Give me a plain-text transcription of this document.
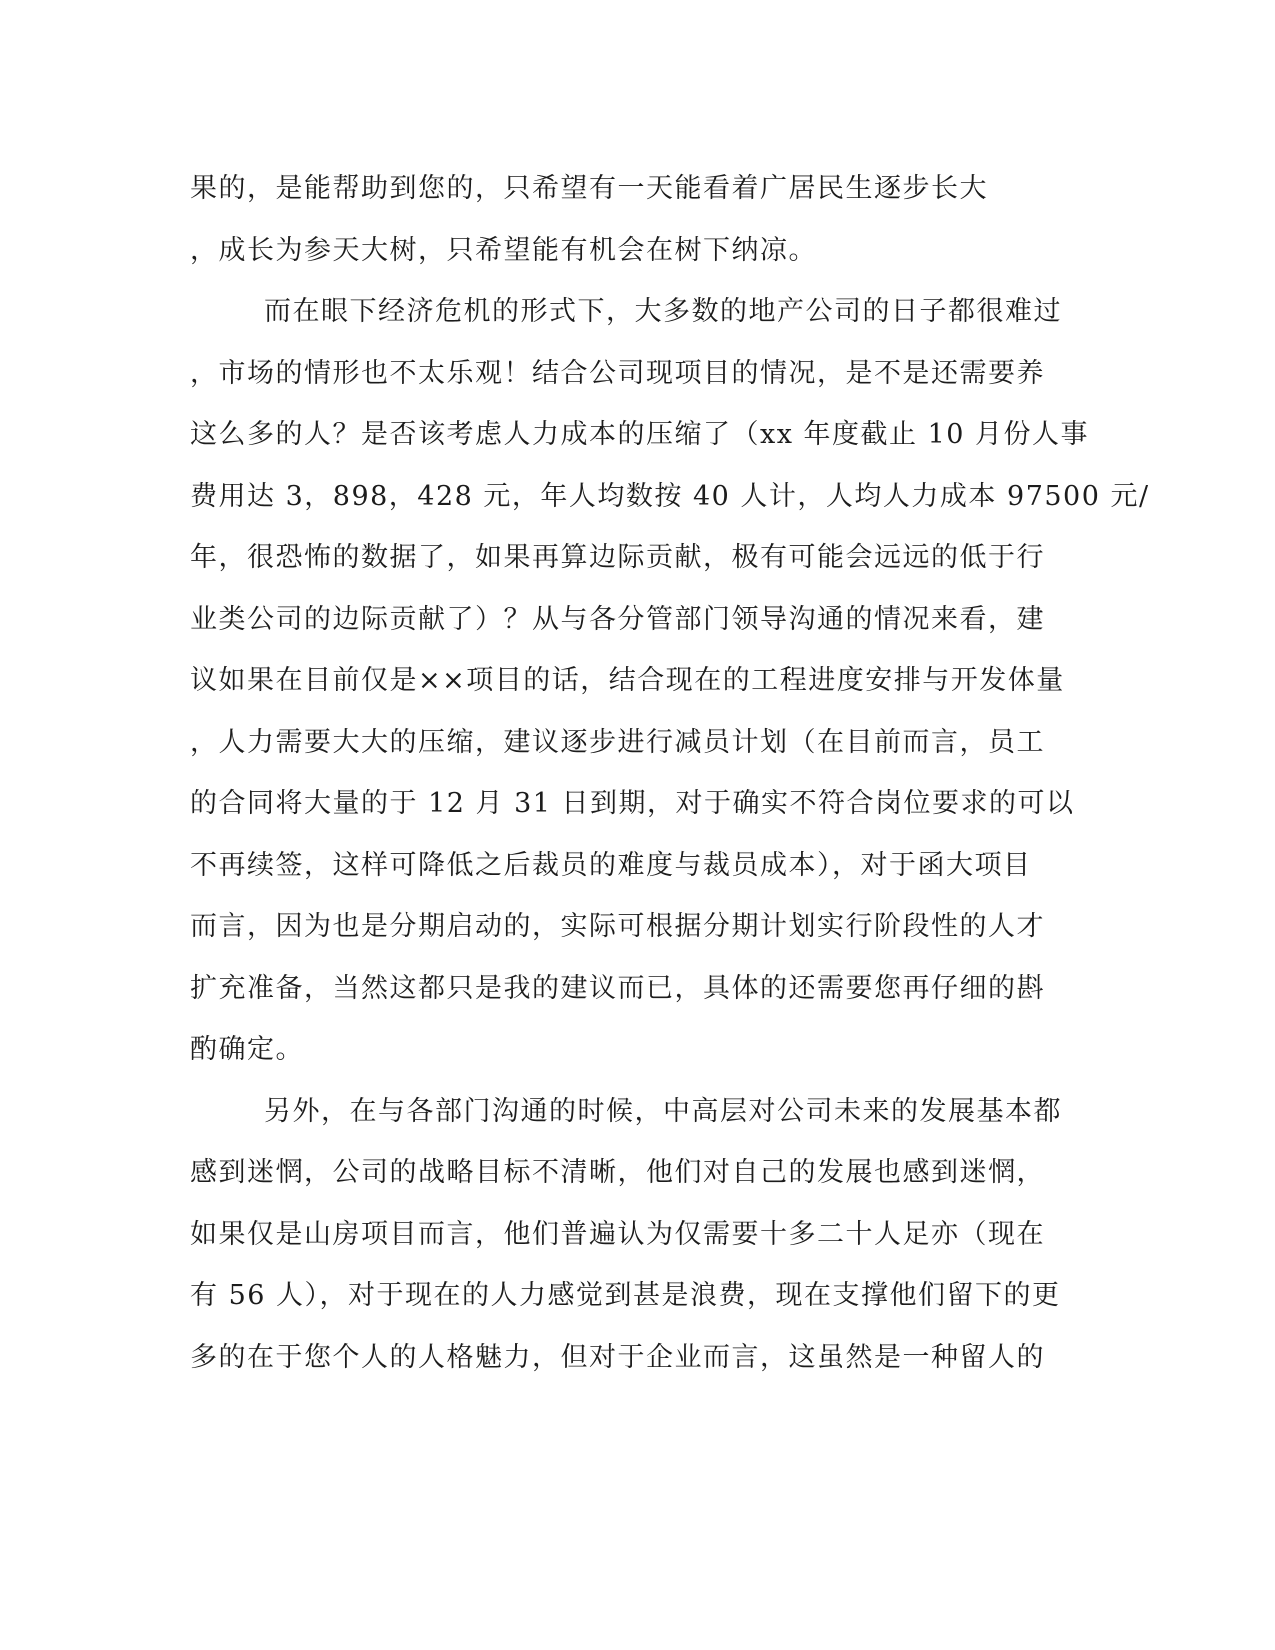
果的，是能帮助到您的，只希望有一天能看着广居民生逐步长大
，成长为参天大树，只希望能有机会在树下纳凉。
而在眼下经济危机的形式下，大多数的地产公司的日子都很难过
，市场的情形也不太乐观！结合公司现项目的情况，是不是还需要养
这么多的人？是否该考虑人力成本的压缩了（xx 年度截止 10 月份人事
费用达 3，898，428 元，年人均数按 40 人计，人均人力成本 97500 元/
年，很恐怖的数据了，如果再算边际贡献，极有可能会远远的低于行
业类公司的边际贡献了）？从与各分管部门领导沟通的情况来看，建
议如果在目前仅是××项目的话，结合现在的工程进度安排与开发体量
，人力需要大大的压缩，建议逐步进行减员计划（在目前而言，员工
的合同将大量的于 12 月 31 日到期，对于确实不符合岗位要求的可以
不再续签，这样可降低之后裁员的难度与裁员成本），对于函大项目
而言，因为也是分期启动的，实际可根据分期计划实行阶段性的人才
扩充准备，当然这都只是我的建议而已，具体的还需要您再仔细的斟
酌确定。
另外，在与各部门沟通的时候，中高层对公司未来的发展基本都
感到迷惘，公司的战略目标不清晰，他们对自己的发展也感到迷惘，
如果仅是山房项目而言，他们普遍认为仅需要十多二十人足亦（现在
有 56 人），对于现在的人力感觉到甚是浪费，现在支撑他们留下的更
多的在于您个人的人格魅力，但对于企业而言，这虽然是一种留人的
